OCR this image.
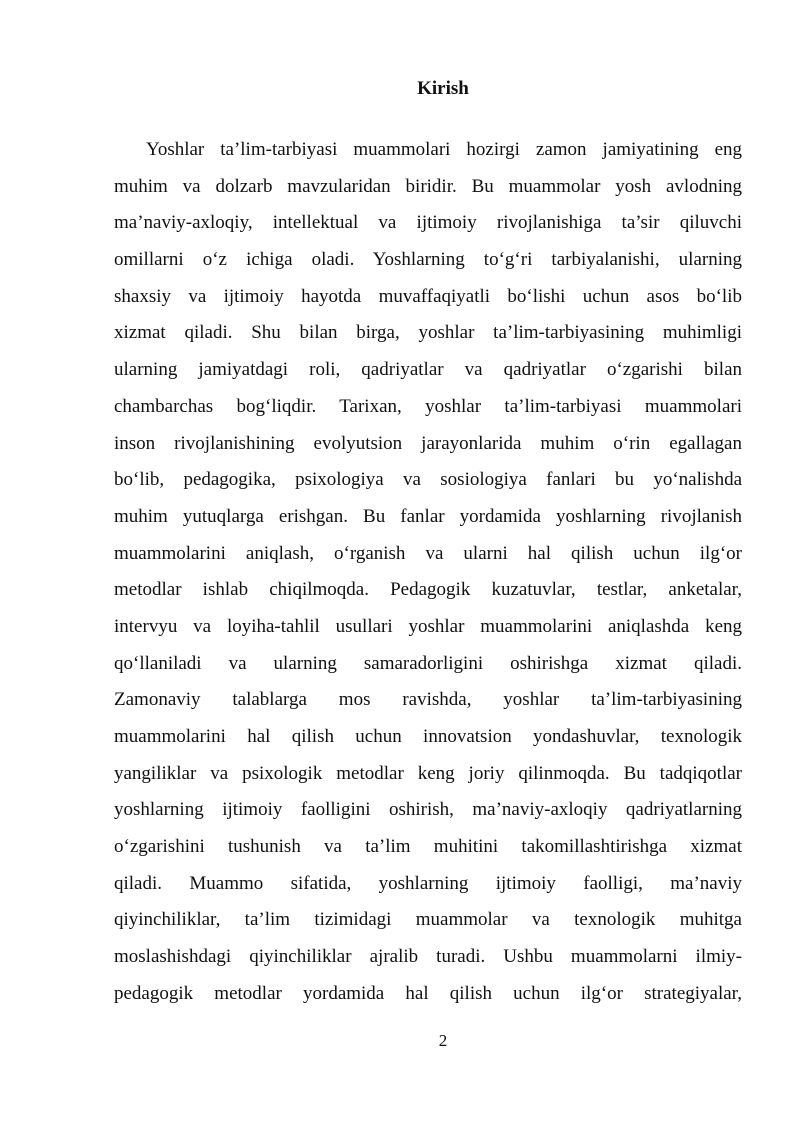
Kirish
Yoshlar ta’lim-tarbiyasi muammolari hozirgi zamon jamiyatining eng
muhim va dolzarb mavzularidan biridir. Bu muammolar yosh avlodning
ma’naviy-axloqiy, intellektual va ijtimoiy rivojlanishiga ta’sir qiluvchi
omillarni o‘z ichiga oladi. Yoshlarning to‘g‘ri tarbiyalanishi, ularning
shaxsiy va ijtimoiy hayotda muvaffaqiyatli bo‘lishi uchun asos bo‘lib
xizmat qiladi. Shu bilan birga, yoshlar ta’lim-tarbiyasining muhimligi
ularning jamiyatdagi roli, qadriyatlar va qadriyatlar o‘zgarishi bilan
chambarchas bog‘liqdir. Tarixan, yoshlar ta’lim-tarbiyasi muammolari
inson rivojlanishining evolyutsion jarayonlarida muhim o‘rin egallagan
bo‘lib, pedagogika, psixologiya va sosiologiya fanlari bu yo‘nalishda
muhim yutuqlarga erishgan. Bu fanlar yordamida yoshlarning rivojlanish
muammolarini aniqlash, o‘rganish va ularni hal qilish uchun ilg‘or
metodlar ishlab chiqilmoqda. Pedagogik kuzatuvlar, testlar, anketalar,
intervyu va loyiha-tahlil usullari yoshlar muammolarini aniqlashda keng
qo‘llaniladi va ularning samaradorligini oshirishga xizmat qiladi.
Zamonaviy talablarga mos ravishda, yoshlar ta’lim-tarbiyasining
muammolarini hal qilish uchun innovatsion yondashuvlar, texnologik
yangiliklar va psixologik metodlar keng joriy qilinmoqda. Bu tadqiqotlar
yoshlarning ijtimoiy faolligini oshirish, ma’naviy-axloqiy qadriyatlarning
o‘zgarishini tushunish va ta’lim muhitini takomillashtirishga xizmat
qiladi. Muammo sifatida, yoshlarning ijtimoiy faolligi, ma’naviy
qiyinchiliklar, ta’lim tizimidagi muammolar va texnologik muhitga
moslashishdagi qiyinchiliklar ajralib turadi. Ushbu muammolarni ilmiy-
pedagogik metodlar yordamida hal qilish uchun ilg‘or strategiyalar,
2
